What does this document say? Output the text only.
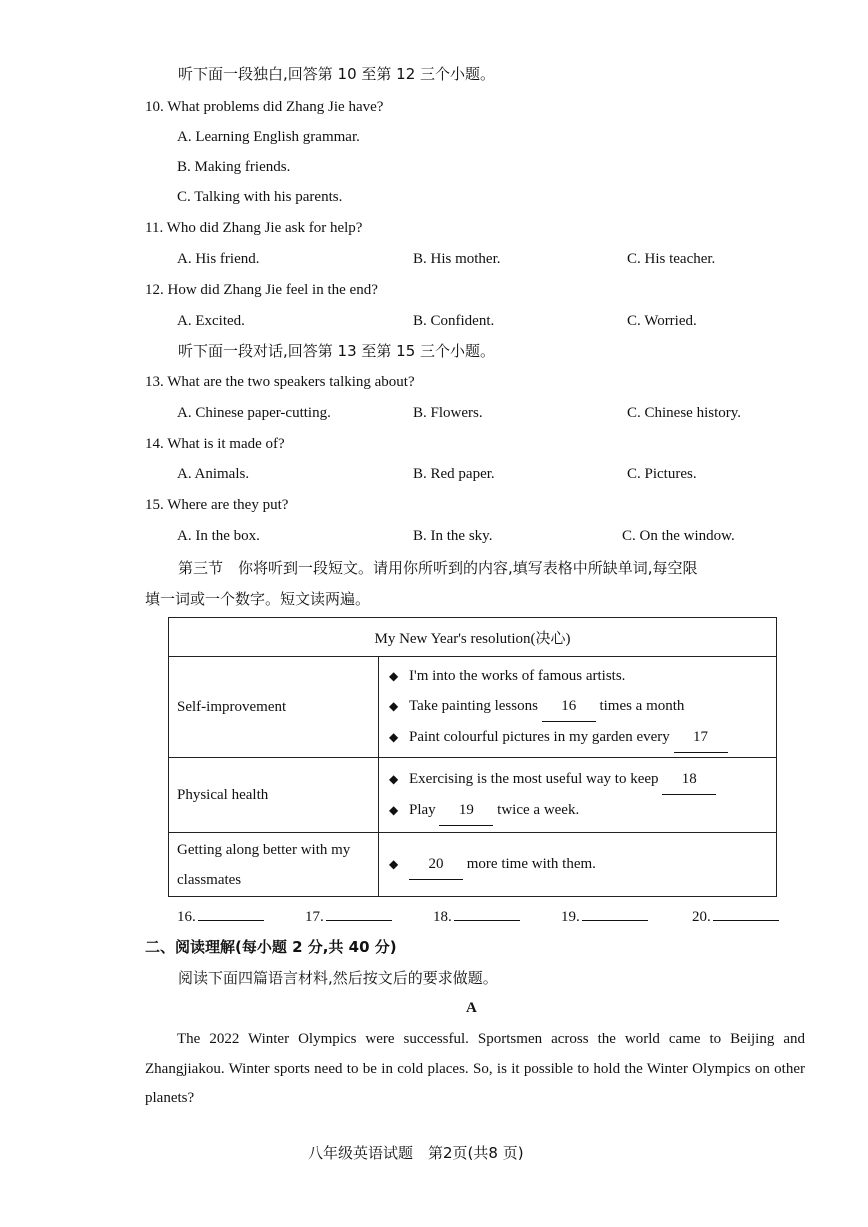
听下面一段独白,回答第 10 至第 12 三个小题。
10. What problems did Zhang Jie have?
A. Learning English grammar.
B. Making friends.
C. Talking with his parents.
11. Who did Zhang Jie ask for help?
A. His friend.	B. His mother.	C. His teacher.
12. How did Zhang Jie feel in the end?
A. Excited.	B. Confident.	C. Worried.
听下面一段对话,回答第 13 至第 15 三个小题。
13. What are the two speakers talking about?
A. Chinese paper-cutting.	B. Flowers.	C. Chinese history.
14. What is it made of?
A. Animals.	B. Red paper.	C. Pictures.
15. Where are they put?
A. In the box.	B. In the sky.	C. On the window.
第三节　你将听到一段短文。请用你所听到的内容,填写表格中所缺单词,每空限
填一词或一个数字。短文读两遍。
My New Year's resolution(决心)	
Self-improvement	◆ I'm into the works of famous artists.
◆ Take painting lessons 16 times a month
◆ Paint colourful pictures in my garden every 17

Physical health	◆ Exercising is the most useful way to keep 18
◆ Play 19 twice a week.

Getting along better with my classmates	◆ 20 more time with them.
16.	17.	18.	19.	20.
二、阅读理解(每小题 2 分,共 40 分)
阅读下面四篇语言材料,然后按文后的要求做题。
A
The 2022 Winter Olympics were successful. Sportsmen across the world came to Beijing and Zhangjiakou. Winter sports need to be in cold places. So, is it possible to hold the Winter Olympics on other planets?
八年级英语试题　第2页(共8 页)
